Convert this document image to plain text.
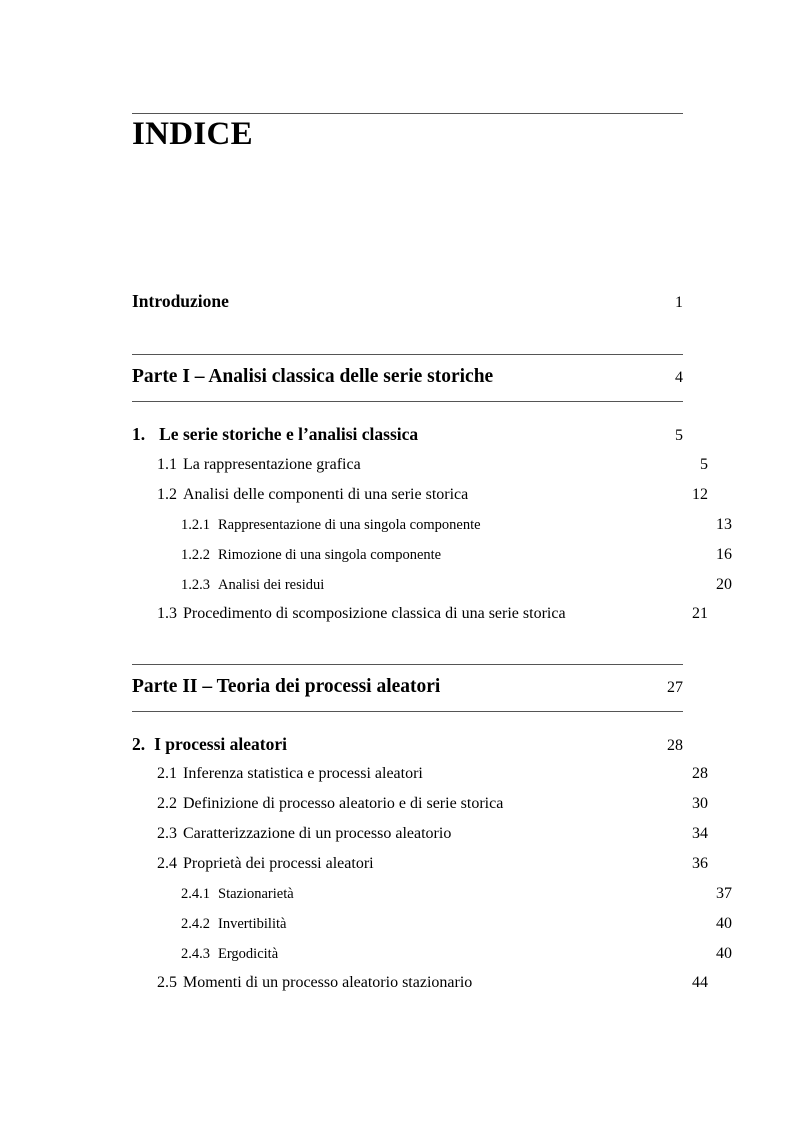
INDICE
Introduzione	1
Parte I – Analisi classica delle serie storiche	4
1. Le serie storiche e l’analisi classica	5
1.1 La rappresentazione grafica	5
1.2 Analisi delle componenti di una serie storica	12
1.2.1 Rappresentazione di una singola componente	13
1.2.2 Rimozione di una singola componente	16
1.2.3 Analisi dei residui	20
1.3 Procedimento di scomposizione classica di una serie storica	21
Parte II – Teoria dei processi aleatori	27
2. I processi aleatori	28
2.1 Inferenza statistica e processi aleatori	28
2.2 Definizione di processo aleatorio e di serie storica	30
2.3 Caratterizzazione di un processo aleatorio	34
2.4 Proprietà dei processi aleatori	36
2.4.1 Stazionarietà	37
2.4.2 Invertibilità	40
2.4.3 Ergodicità	40
2.5 Momenti di un processo aleatorio stazionario	44
